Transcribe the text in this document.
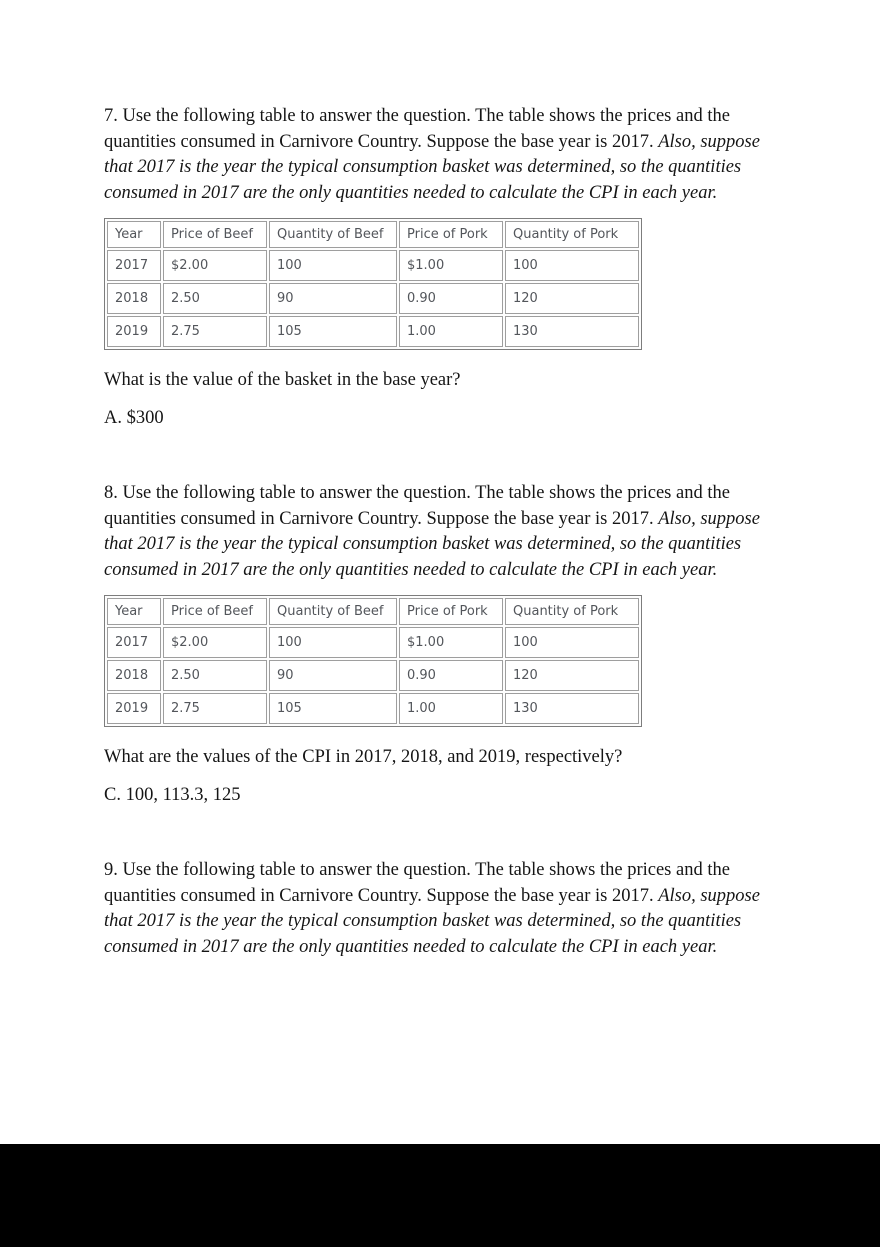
7. Use the following table to answer the question. The table shows the prices and the quantities consumed in Carnivore Country. Suppose the base year is 2017. Also, suppose that 2017 is the year the typical consumption basket was determined, so the quantities consumed in 2017 are the only quantities needed to calculate the CPI in each year.

Year	Price of Beef	Quantity of Beef	Price of Pork	Quantity of Pork
2017	$2.00	100	$1.00	100
2018	2.50	90	0.90	120
2019	2.75	105	1.00	130

What is the value of the basket in the base year?

A. $300

8. Use the following table to answer the question. The table shows the prices and the quantities consumed in Carnivore Country. Suppose the base year is 2017. Also, suppose that 2017 is the year the typical consumption basket was determined, so the quantities consumed in 2017 are the only quantities needed to calculate the CPI in each year.

Year	Price of Beef	Quantity of Beef	Price of Pork	Quantity of Pork
2017	$2.00	100	$1.00	100
2018	2.50	90	0.90	120
2019	2.75	105	1.00	130

What are the values of the CPI in 2017, 2018, and 2019, respectively?

C. 100, 113.3, 125

9. Use the following table to answer the question. The table shows the prices and the quantities consumed in Carnivore Country. Suppose the base year is 2017. Also, suppose that 2017 is the year the typical consumption basket was determined, so the quantities consumed in 2017 are the only quantities needed to calculate the CPI in each year.
